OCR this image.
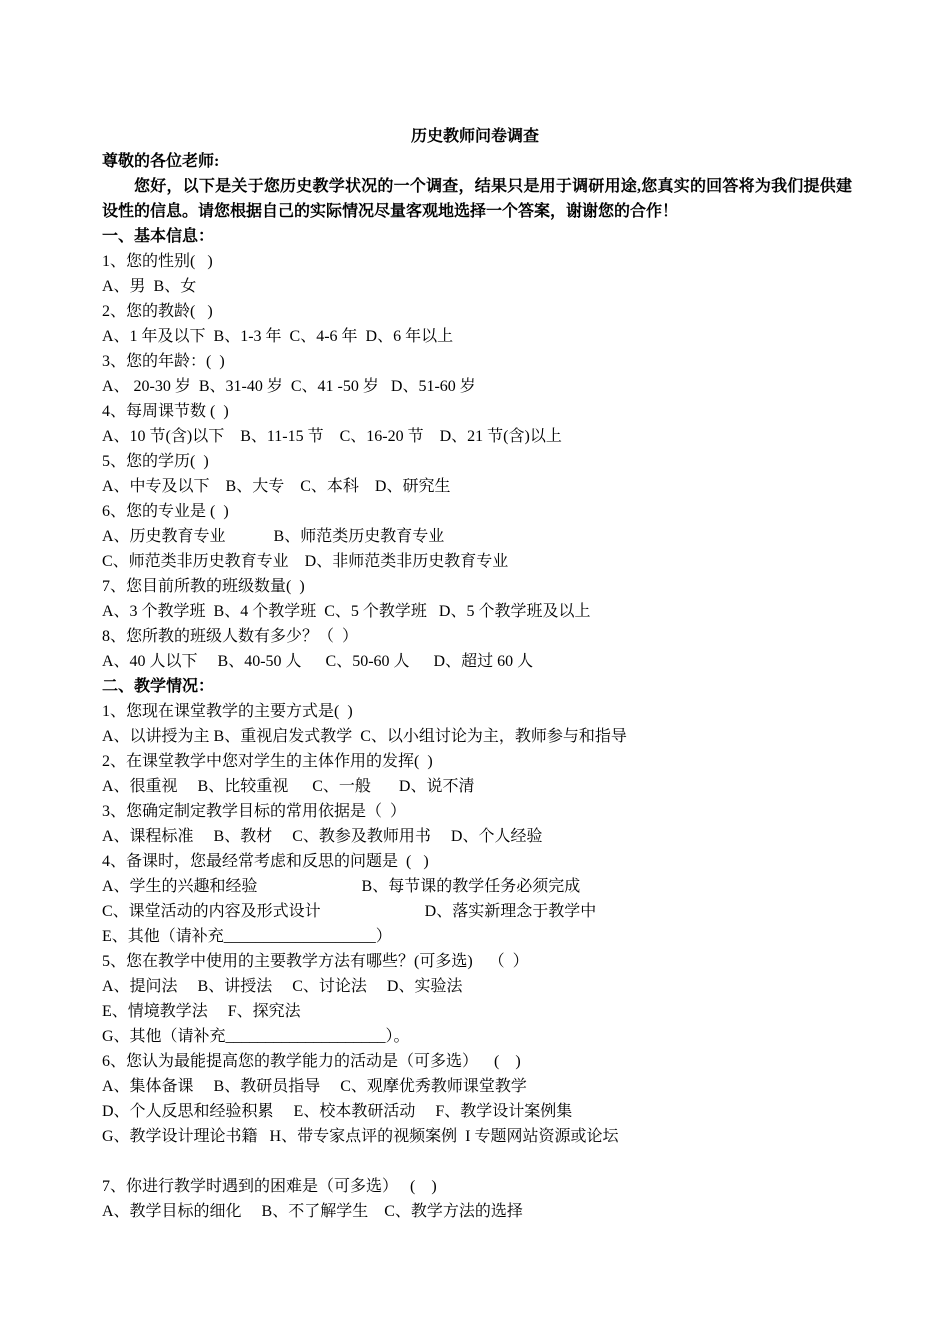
历史教师问卷调查
尊敬的各位老师:
您好，以下是关于您历史教学状况的一个调查，结果只是用于调研用途,您真实的回答将为我们提供建设性的信息。请您根据自己的实际情况尽量客观地选择一个答案，谢谢您的合作！
一、基本信息：
1、您的性别(   )
A、男  B、女
2、您的教龄(   )
A、1 年及以下  B、1-3 年  C、4-6 年  D、6 年以上
3、您的年龄：(  )
A、 20-30 岁  B、31-40 岁  C、41 -50 岁   D、51-60 岁
4、每周课节数 (  )
A、10 节(含)以下    B、11-15 节    C、16-20 节    D、21 节(含)以上
5、您的学历(  )
A、中专及以下    B、大专    C、本科    D、研究生
6、您的专业是 (  )
A、历史教育专业            B、师范类历史教育专业
C、师范类非历史教育专业    D、非师范类非历史教育专业
7、您目前所教的班级数量(  )
A、3 个教学班  B、4 个教学班  C、5 个教学班   D、5 个教学班及以上
8、您所教的班级人数有多少？（  ）
A、40 人以下     B、40-50 人      C、50-60 人      D、超过 60 人
二、教学情况：
1、您现在课堂教学的主要方式是(  )
A、以讲授为主 B、重视启发式教学  C、以小组讨论为主，教师参与和指导
2、在课堂教学中您对学生的主体作用的发挥(  )
A、很重视     B、比较重视      C、一般       D、说不清
3、您确定制定教学目标的常用依据是（  ）
A、课程标准     B、教材     C、教参及教师用书     D、个人经验
4、备课时，您最经常考虑和反思的问题是  (   )
A、学生的兴趣和经验                          B、每节课的教学任务必须完成
C、课堂活动的内容及形式设计                          D、落实新理念于教学中
E、其他（请补充___________________）
5、您在教学中使用的主要教学方法有哪些？(可多选)    （  ）
A、提问法     B、讲授法     C、讨论法     D、实验法
E、情境教学法     F、探究法
G、其他（请补充____________________）。
6、您认为最能提高您的教学能力的活动是（可多选）    (    )
A、集体备课     B、教研员指导     C、观摩优秀教师课堂教学
D、个人反思和经验积累     E、校本教研活动     F、教学设计案例集
G、教学设计理论书籍   H、带专家点评的视频案例  I 专题网站资源或论坛
7、你进行教学时遇到的困难是（可多选）   (    )
A、教学目标的细化     B、不了解学生    C、教学方法的选择
